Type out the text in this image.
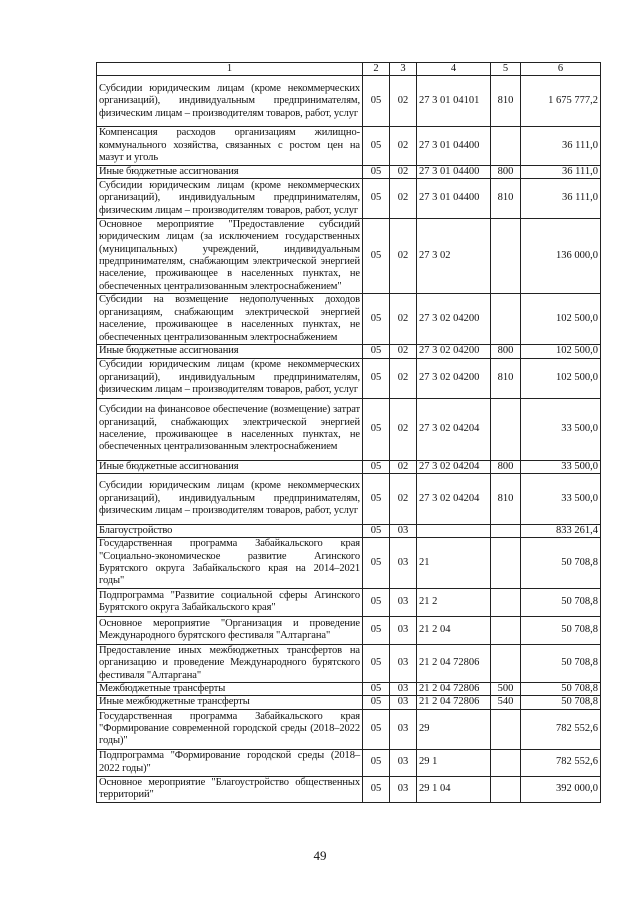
1	2	3	4	5	6
Субсидии юридическим лицам (кроме некоммерческих организаций), индивидуальным предпринимателям, физическим лицам – производителям товаров, работ, услуг	05	02	27 3 01 04101	810	1 675 777,2
Компенсация расходов организациям жилищно-коммунального хозяйства, связанных с ростом цен на мазут и уголь	05	02	27 3 01 04400		36 111,0
Иные бюджетные ассигнования	05	02	27 3 01 04400	800	36 111,0
Субсидии юридическим лицам (кроме некоммерческих организаций), индивидуальным предпринимателям, физическим лицам – производителям товаров, работ, услуг	05	02	27 3 01 04400	810	36 111,0
Основное мероприятие "Предоставление субсидий юридическим лицам (за исключением государственных (муниципальных) учреждений, индивидуальным предпринимателям, снабжающим электрической энергией население, проживающее в населенных пунктах, не обеспеченных централизованным электроснабжением"	05	02	27 3 02		136 000,0
Субсидии на возмещение недополученных доходов организациям, снабжающим электрической энергией население, проживающее в населенных пунктах, не обеспеченных централизованным электроснабжением	05	02	27 3 02 04200		102 500,0
Иные бюджетные ассигнования	05	02	27 3 02 04200	800	102 500,0
Субсидии юридическим лицам (кроме некоммерческих организаций), индивидуальным предпринимателям, физическим лицам – производителям товаров, работ, услуг	05	02	27 3 02 04200	810	102 500,0
Субсидии на финансовое обеспечение (возмещение) затрат организаций, снабжающих электрической энергией население, проживающее в населенных пунктах, не обеспеченных централизованным электроснабжением	05	02	27 3 02 04204		33 500,0
Иные бюджетные ассигнования	05	02	27 3 02 04204	800	33 500,0
Субсидии юридическим лицам (кроме некоммерческих организаций), индивидуальным предпринимателям, физическим лицам – производителям товаров, работ, услуг	05	02	27 3 02 04204	810	33 500,0
Благоустройство	05	03			833 261,4
Государственная программа Забайкальского края "Социально-экономическое развитие Агинского Бурятского округа Забайкальского края на 2014–2021 годы"	05	03	21		50 708,8
Подпрограмма "Развитие социальной сферы Агинского Бурятского округа Забайкальского края"	05	03	21 2		50 708,8
Основное мероприятие "Организация и проведение Международного бурятского фестиваля "Алтаргана"	05	03	21 2 04		50 708,8
Предоставление иных межбюджетных трансфертов на организацию и проведение Международного бурятского фестиваля "Алтаргана"	05	03	21 2 04 72806		50 708,8
Межбюджетные трансферты	05	03	21 2 04 72806	500	50 708,8
Иные межбюджетные трансферты	05	03	21 2 04 72806	540	50 708,8
Государственная программа Забайкальского края "Формирование современной городской среды (2018–2022 годы)"	05	03	29		782 552,6
Подпрограмма "Формирование городской среды (2018–2022 годы)"	05	03	29 1		782 552,6
Основное мероприятие "Благоустройство общественных территорий"	05	03	29 1 04		392 000,0
49
